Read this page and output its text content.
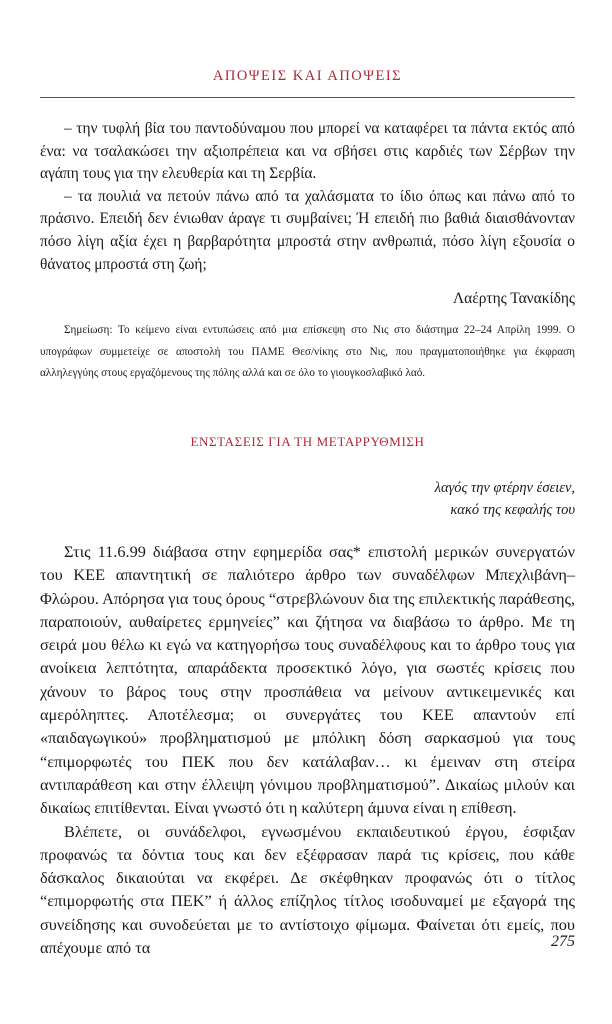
ΑΠΟΨΕΙΣ ΚΑΙ ΑΠΟΨΕΙΣ

– την τυφλή βία του παντοδύναμου που μπορεί να καταφέρει τα πάντα εκτός από ένα: να τσαλακώσει την αξιοπρέπεια και να σβήσει στις καρδιές των Σέρβων την αγάπη τους για την ελευθερία και τη Σερβία.

– τα πουλιά να πετούν πάνω από τα χαλάσματα το ίδιο όπως και πάνω από το πράσινο. Επειδή δεν ένιωθαν άραγε τι συμβαίνει; Ή επειδή πιο βαθιά διαισθάνονταν πόσο λίγη αξία έχει η βαρβαρότητα μπροστά στην ανθρωπιά, πόσο λίγη εξουσία ο θάνατος μπροστά στη ζωή;

Λαέρτης Τανακίδης
Σημείωση: Το κείμενο είναι εντυπώσεις από μια επίσκεψη στο Νις στο διάστημα 22–24 Απρίλη 1999. Ο υπογράφων συμμετείχε σε αποστολή του ΠΑΜΕ Θεσ/νίκης στο Νις, που πραγματοποιήθηκε για έκφραση αλληλεγγύης στους εργαζόμενους της πόλης αλλά και σε όλο το γιουγκοσλαβικό λαό.
ΕΝΣΤΑΣΕΙΣ ΓΙΑ ΤΗ ΜΕΤΑΡΡΥΘΜΙΣΗ
λαγός την φτέρην έσειεν,
κακό της κεφαλής του

Στις 11.6.99 διάβασα στην εφημερίδα σας* επιστολή μερικών συνεργατών του ΚΕΕ απαντητική σε παλιότερο άρθρο των συναδέλφων Μπεχλιβάνη–Φλώρου. Απόρησα για τους όρους “στρεβλώνουν δια της επιλεκτικής παράθεσης, παραποιούν, αυθαίρετες ερμηνείες” και ζήτησα να διαβάσω το άρθρο. Με τη σειρά μου θέλω κι εγώ να κατηγορήσω τους συναδέλφους και το άρθρο τους για ανοίκεια λεπτότητα, απαράδεκτα προσεκτικό λόγο, για σωστές κρίσεις που χάνουν το βάρος τους στην προσπάθεια να μείνουν αντικειμενικές και αμερόληπτες. Αποτέλεσμα; οι συνεργάτες του ΚΕΕ απαντούν επί «παιδαγωγικού» προβληματισμού με μπόλικη δόση σαρκασμού για τους “επιμορφωτές του ΠΕΚ που δεν κατάλαβαν… κι έμειναν στη στείρα αντιπαράθεση και στην έλλειψη γόνιμου προβληματισμού”. Δικαίως μιλούν και δικαίως επιτίθενται. Είναι γνωστό ότι η καλύτερη άμυνα είναι η επίθεση.

Βλέπετε, οι συνάδελφοι, εγνωσμένου εκπαιδευτικού έργου, έσφιξαν προφανώς τα δόντια τους και δεν εξέφρασαν παρά τις κρίσεις, που κάθε δάσκαλος δικαιούται να εκφέρει. Δε σκέφθηκαν προφανώς ότι ο τίτλος “επιμορφωτής στα ΠΕΚ” ή άλλος επίζηλος τίτλος ισοδυναμεί με εξαγορά της συνείδησης και συνοδεύεται με το αντίστοιχο φίμωμα. Φαίνεται ότι εμείς, που απέχουμε από τα	275
